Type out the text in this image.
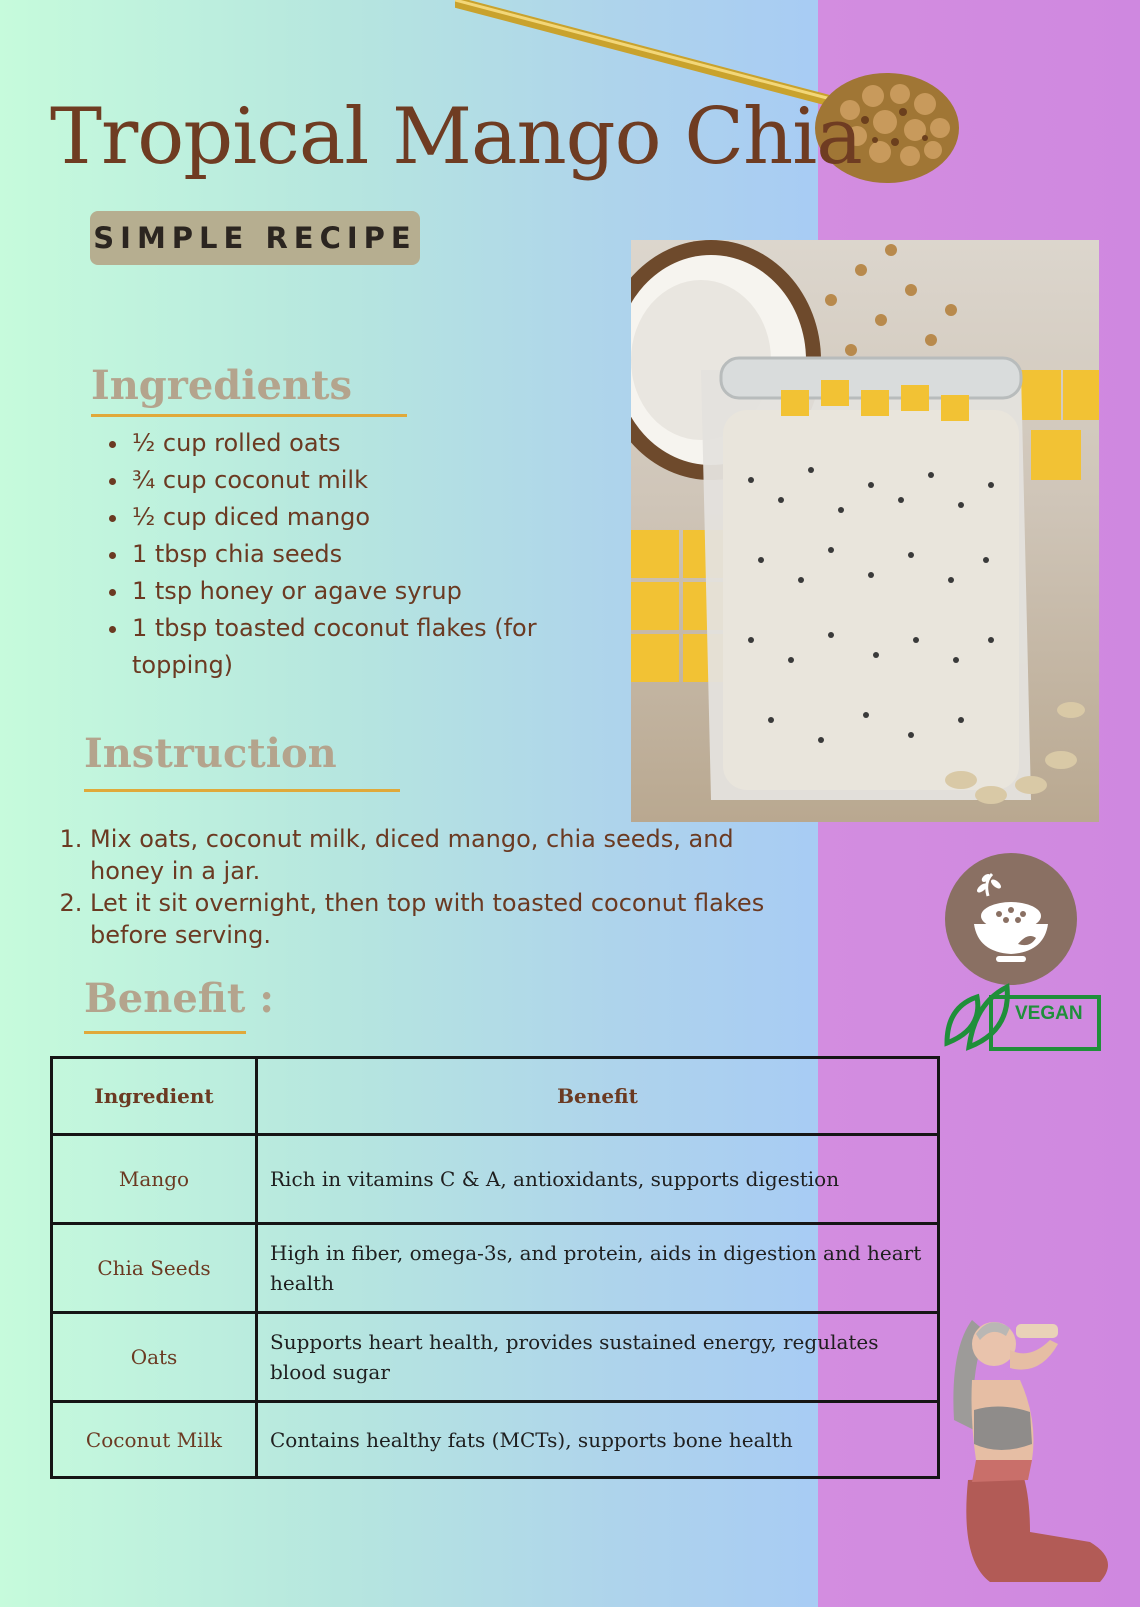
Tropical Mango Chia
SIMPLE RECIPE
Ingredients
• ½ cup rolled oats
• ¾ cup coconut milk
• ½ cup diced mango
• 1 tbsp chia seeds
• 1 tsp honey or agave syrup
• 1 tbsp toasted coconut flakes (for topping)
Instruction
1. Mix oats, coconut milk, diced mango, chia seeds, and honey in a jar.
2. Let it sit overnight, then top with toasted coconut flakes before serving.
Benefit :
Ingredient	Benefit
Mango	Rich in vitamins C & A, antioxidants, supports digestion
Chia Seeds	High in fiber, omega-3s, and protein, aids in digestion and heart health
Oats	Supports heart health, provides sustained energy, regulates blood sugar
Coconut Milk	Contains healthy fats (MCTs), supports bone health
VEGAN
